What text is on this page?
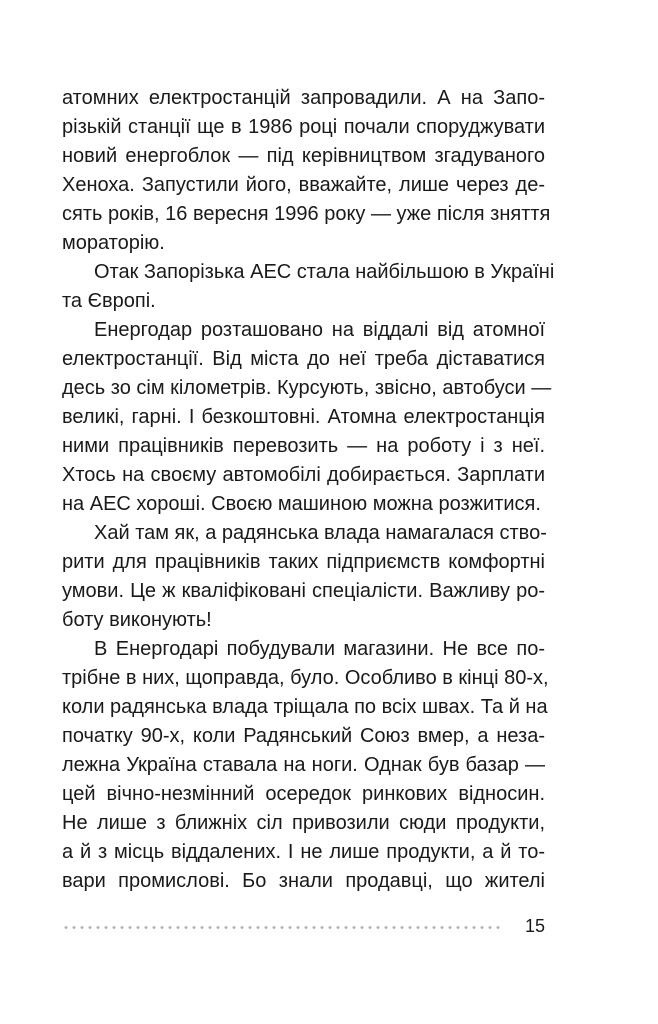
атомних електростанцій запровадили. А на Запо-
різькій станції ще в 1986 році почали споруджувати
новий енергоблок — під керівництвом згадуваного
Хеноха. Запустили його, вважайте, лише через де-
сять років, 16 вересня 1996 року — уже після зняття
мораторію.
Отак Запорізька АЕС стала найбільшою в Україні
та Європі.
Енергодар розташовано на віддалі від атомної
електростанції. Від міста до неї треба діставатися
десь зо сім кілометрів. Курсують, звісно, автобуси —
великі, гарні. І безкоштовні. Атомна електростанція
ними працівників перевозить — на роботу і з неї.
Хтось на своєму автомобілі добирається. Зарплати
на АЕС хороші. Своєю машиною можна розжитися.
Хай там як, а радянська влада намагалася ство-
рити для працівників таких підприємств комфортні
умови. Це ж кваліфіковані спеціалісти. Важливу ро-
боту виконують!
В Енергодарі побудували магазини. Не все по-
трібне в них, щоправда, було. Особливо в кінці 80-х,
коли радянська влада тріщала по всіх швах. Та й на
початку 90-х, коли Радянський Союз вмер, а неза-
лежна Україна ставала на ноги. Однак був базар —
цей вічно-незмінний осередок ринкових відносин.
Не лише з ближніх сіл привозили сюди продукти,
а й з місць віддалених. І не лише продукти, а й то-
вари промислові. Бо знали продавці, що жителі
15
